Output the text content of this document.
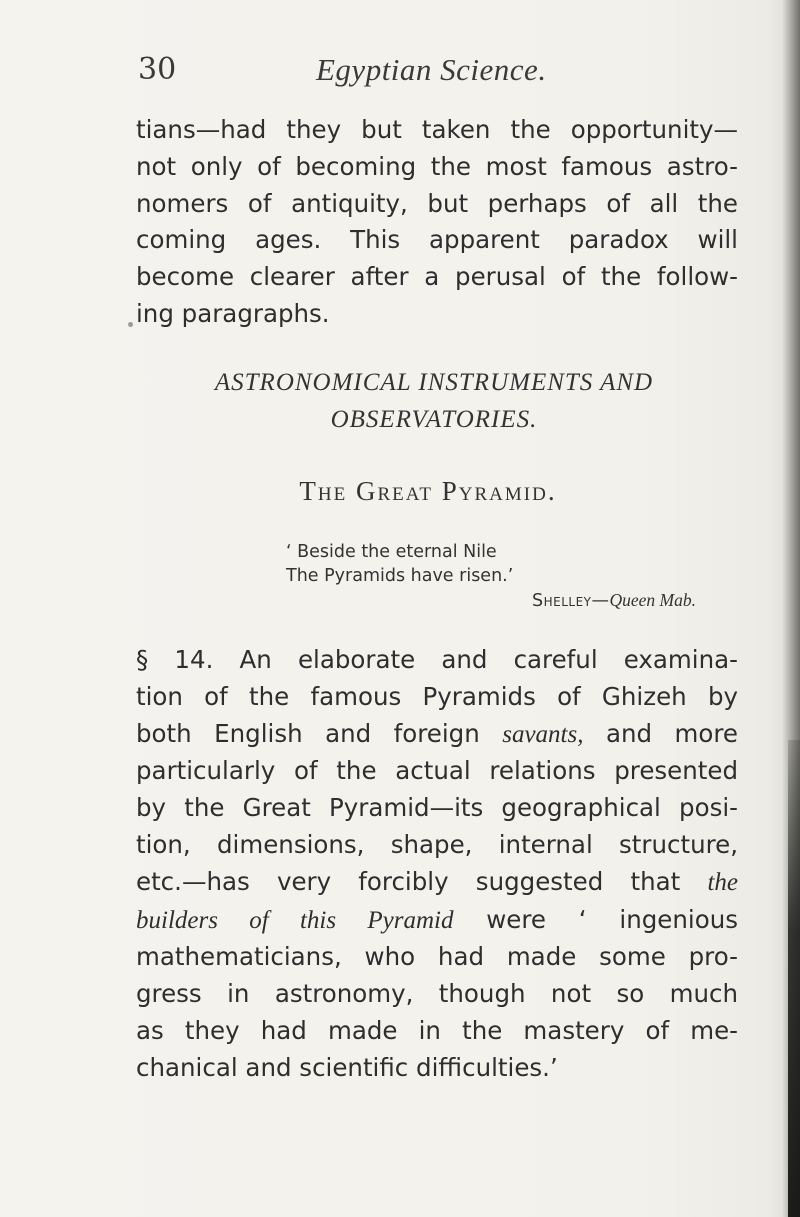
30	Egyptian Science.
tians—had they but taken the opportunity—
not only of becoming the most famous astro-
nomers of antiquity, but perhaps of all the
coming ages. This apparent paradox will
become clearer after a perusal of the follow-
ing paragraphs.
ASTRONOMICAL INSTRUMENTS AND
OBSERVATORIES.
The Great Pyramid.
‘ Beside the eternal Nile
The Pyramids have risen.’
Shelley—Queen Mab.
§ 14. An elaborate and careful examina-
tion of the famous Pyramids of Ghizeh by
both English and foreign savants, and more
particularly of the actual relations presented
by the Great Pyramid—its geographical posi-
tion, dimensions, shape, internal structure,
etc.—has very forcibly suggested that the
builders of this Pyramid were ‘ ingenious
mathematicians, who had made some pro-
gress in astronomy, though not so much
as they had made in the mastery of me-
chanical and scientific difficulties.’
